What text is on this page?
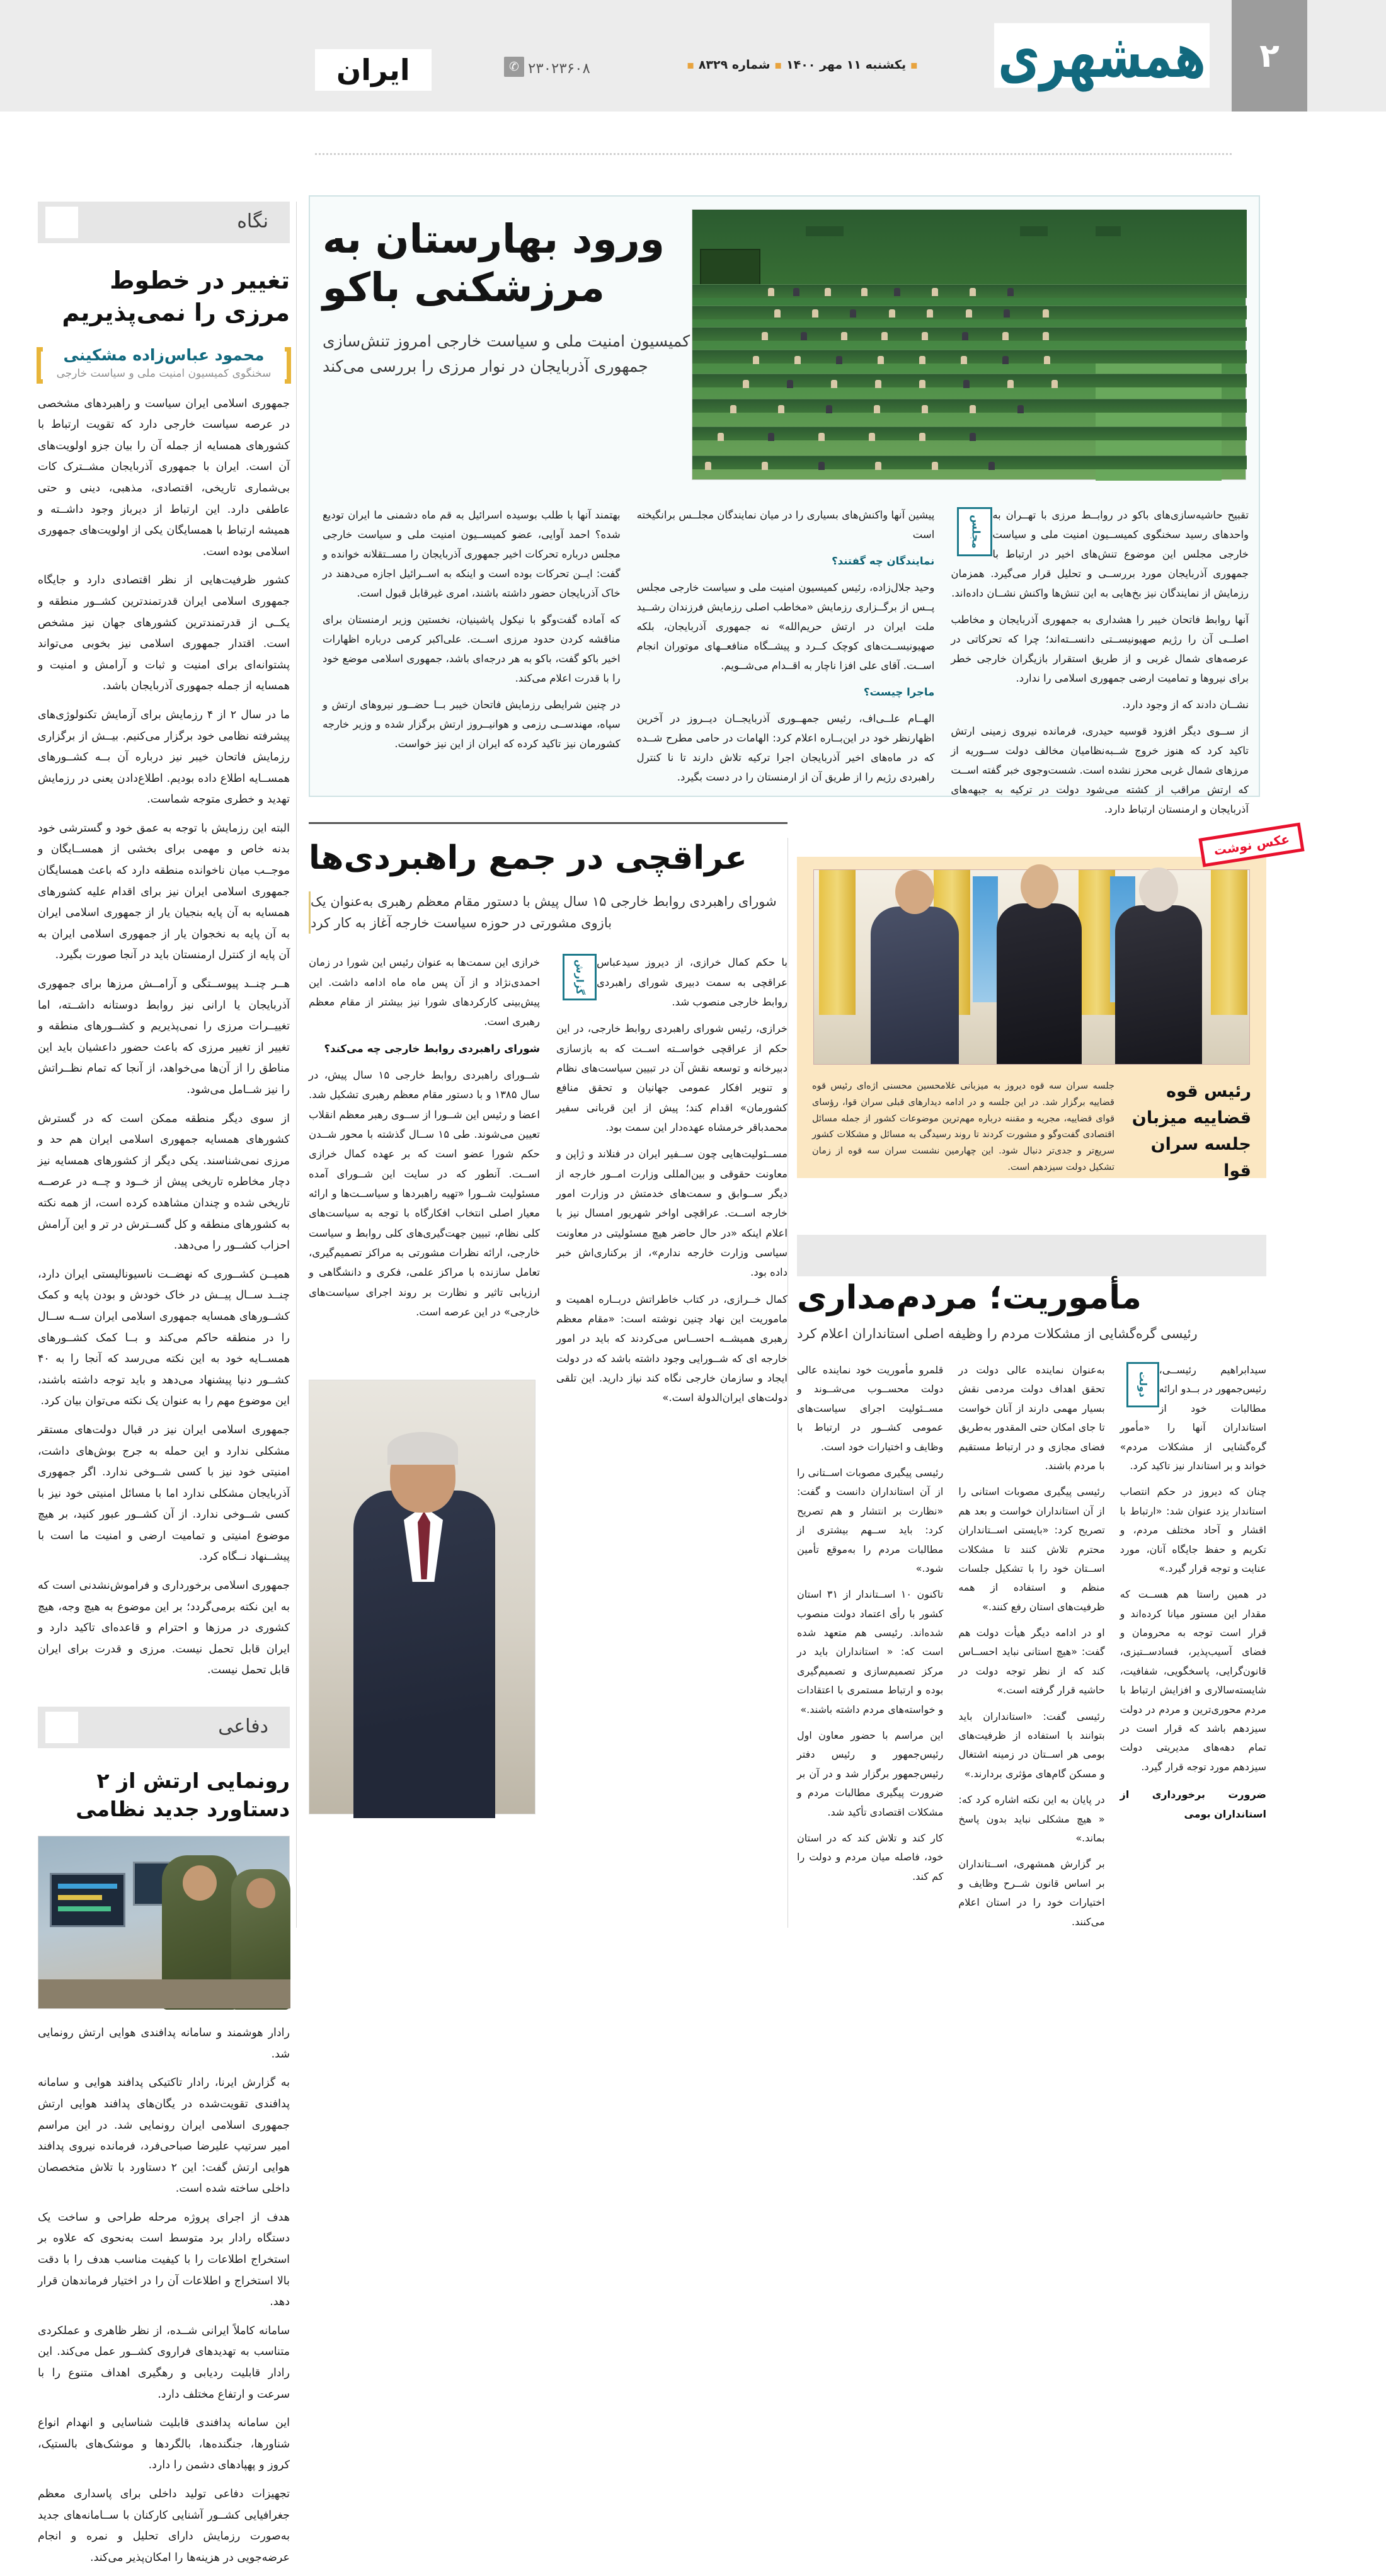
۲
همشهری
▪ یکشنبه ۱۱ مهر ۱۴۰۰ ▪ شماره ۸۳۲۹ ▪
ایران	۲۳۰۲۳۶۰۸
✆
نگاه
تغییر در خطوط مرزی را نمی‌پذیریم
محمود عباس‌زاده مشکینی
سخنگوی کمیسیون امنیت ملی و سیاست خارجی

جمهوری اسلامی ایران سیاست و راهبردهای مشخصی در عرصه سیاست خارجی دارد که تقویت ارتباط با کشورهای همسایه از جمله آن را بیان جزو اولویت‌های آن است. ایران با جمهوری آذربایجان مشــترک کات بی‌شماری تاریخی، اقتصادی، مذهبی، دینی و حتی عاطفی دارد. این ارتباط از دیرباز وجود داشــته و همیشه ارتباط با همسایگان یکی از اولویت‌های جمهوری اسلامی بوده است.

کشور ظرفیت‌هایی از نظر اقتصادی دارد و جایگاه جمهوری اسلامی ایران قدرتمندترین کشــور منطقه و یکــی از قدرتمندترین کشورهای جهان نیز مشخص است. اقتدار جمهوری اسلامی نیز بخوبی می‌تواند پشتوانه‌ای برای امنیت و ثبات و آرامش و امنیت و همسایه از جمله جمهوری آذربایجان باشد.

ما در سال ۲ از ۴ رزمایش برای آزمایش تکنولوژی‌های پیشرفته نظامی خود برگزار می‌کنیم. بیــش از برگزاری رزمایش فاتحان خیبر نیز درباره آن بــه کشــورهای همســایه اطلاع داده بودیم. اطلاع‌دادن یعنی در رزمایش تهدید و خطری متوجه شماست.

البته این رزمایش با توجه به عمق خود و گسترشی خود بدنه خاص و مهمی برای بخشی از همســایگان و موجــب میان ناخوانده منطقه دارد که باعث همسایگان جمهوری اسلامی ایران نیز برای اقدام علیه کشورهای همسایه به آن پایه بنجیان یار از جمهوری اسلامی ایران به آن پایه به نخجوان یار از جمهوری اسلامی ایران به آن پایه از کنترل ارمنستان باید در آنجا صورت بگیرد.

هــر چنــد پیوســتگی و آرامــش مرزها برای جمهوری آذربایجان یا ارانی نیز روابط دوستانه داشــته، اما تغییــرات مرزی را نمی‌پذیریم و کشــورهای منطقه و تغییر از تغییر مرزی که باعث حضور داعشیان باید این مناطق را از آن‌ها می‌خواهد، از آنجا که تمام نظــراتش را نیز شــامل می‌شود.

از سوی دیگر منطقه ممکن است که در گسترش کشورهای همسایه جمهوری اسلامی ایران هم حد و مرزی نمی‌شناسند. یکی دیگر از کشورهای همسایه نیز دچار مخاطره تاریخی پیش از خــود و چــه در عرصــه تاریخی شده و چندان مشاهده کرده است، از همه نکته به کشورهای منطقه و کل گســترش در تر و این آرامش احزاب کشــور را می‌دهد.

همیــن کشــوری که نهضــت ناسیونالیستی ایران دارد، چنــد ســال پیــش در خاک خودش و بودن پایه و کمک کشــورهای همسایه جمهوری اسلامی ایران ســه ســال را در منطقه حاکم می‌کند و بــا کمک کشــورهای همســایه خود به این نکته می‌رسد که آنجا را به ۴۰ کشــور دنیا پیشنهاد می‌دهد و باید توجه داشته باشند، این موضوع مهم را به عنوان یک نکته می‌توان بیان کرد.

جمهوری اسلامی ایران نیز در قبال دولت‌های مستقر مشکلی ندارد و این حمله به جرج‌ بوش‌های داشت، امنیتی خود نیز با کسی شــوخی ندارد. اگر جمهوری آذربایجان مشکلی ندارد اما با مسائل امنیتی خود نیز با کسی شــوخی ندارد. از آن کشــور عبور کنید، بر هیچ موضوع امنیتی و تمامیت ارضی و امنیت ما است با پیشــنهاد نــگاه کرد.

جمهوری اسلامی برخورداری و فراموش‌نشدنی است که به این نکته برمی‌گردد؛ بر این موضوع به هیچ وجه، هیچ کشوری در مرزها و احترام و قاعده‌ای تاکید دارد و ایران قابل تحمل نیست. مرزی و قدرت برای ایران قابل تحمل نیست.

دفاعی
رونمایی ارتش از ۲ دستاورد جدید نظامی

رادار هوشمند و سامانه پدافندی هوایی ارتش رونمایی شد.

به گزارش ایرنا، رادار تاکتیکی پدافند هوایی و سامانه پدافندی تقویت‌شده در یگان‌های پدافند هوایی ارتش جمهوری اسلامی ایران رونمایی شد. در این مراسم امیر سرتیپ علیرضا صباحی‌فرد، فرمانده نیروی پدافند هوایی ارتش گفت: این ۲ دستاورد با تلاش متخصصان داخلی ساخته شده است.

هدف از اجرای پروژه مرحله طراحی و ساخت یک دستگاه رادار برد متوسط است به‌نحوی که علاوه بر استخراج اطلاعات را با کیفیت مناسب هدف را با دقت بالا استخراج و اطلاعات آن را در اختیار فرماندهان قرار دهد.

سامانه کاملاً ایرانی شــده، از نظر ظاهری و عملکردی متناسب به تهدیدهای فراروی کشــور عمل می‌کند. این رادار قابلیت ردیابی و رهگیری اهداف متنوع را با سرعت و ارتفاع مختلف دارد.

این سامانه پدافندی قابلیت شناسایی و انهدام انواع شناورها، جنگنده‌ها، بالگردها و موشک‌های بالستیک، کروز و پهپادهای دشمن را دارد.

تجهیزات دفاعی تولید داخلی برای پاسداری معظم جغرافیایی کشــور آشنایی کارکنان با ســامانه‌های جدید به‌صورت رزمایش دارای تحلیل و نمره و انجام عرضه‌جویی در هزینه‌ها را امکان‌پذیر می‌کند.

ورود بهارستان به مرزشکنی باکو
کمیسیون امنیت ملی و سیاست خارجی امروز تنش‌سازی جمهوری آذربایجان در نوار مرزی را بررسی می‌کند
مجلس	تقبیح حاشیه‌سازی‌های باکو در روابــط مرزی با تهــران به واحدهای رسید سخنگوی کمیســیون امنیت ملی و سیاست خارجی مجلس این موضوع تنش‌های اخیر در ارتباط با جمهوری آذربایجان مورد بررســی و تحلیل قرار می‌گیرد. همزمان رزمایش از نمایندگان نیز بخ‌هایی به این تنش‌ها واکنش نشــان داده‌اند.

آنها روابط فاتحان خیبر را هشداری به جمهوری آذربایجان و مخاطب اصلــی آن را رژیم صهیونیســتی دانســته‌اند؛ چرا که تحرکاتی در عرصه‌های شمال غربی و از طریق استقرار بازیگران خارجی خطر برای نیروها و تمامیت ارضی جمهوری اسلامی را ندارد.

نشــان دادند که از وجود دارد.

از ســوی دیگر افزود قوسیه حیدری، فرمانده نیروی زمینی ارتش تاکید کرد که هنوز خروج شــبه‌نظامیان مخالف دولت ســوریه از مرزهای شمال غربی محرز نشده است. شست‌وجوی خبر گفته اســت که ارتش مراقب از کشته می‌شود دولت در ترکیه به جبهه‌های آذربایجان و ارمنستان ارتباط دارد.

پیشین آنها واکنش‌های بسیاری را در میان نمایندگان مجلــس برانگیخته است

نمایندگان چه گفتند؟

وحید جلال‌زاده، رئیس کمیسیون امنیت ملی و سیاست خارجی مجلس پــس از برگــزاری رزمایش «مخاطب اصلی رزمایش فرزندان رشــید ملت ایران در ارتش حریم‌الله» نه جمهوری آذربایجان، بلکه صهیونیســت‌های کوچک کــرد و پیشــگاه منافعــهای موتوران انجام اســت. آقای علی افزا ناچار به اقــدام می‌شــویم.

ماجرا چیست؟

الهــام علــی‌اف، رئیس جمهــوری آذربایجــان دیــروز در آخرین اظهارنظر خود در این‌بــاره اعلام کرد: الهامات در حامی مطرح شــده که در ماه‌های اخیر آذربایجان اجرا ترکیه تلاش دارند تا نا کنترل راهبردی رژیم را از طریق آن از ارمنستان را در دست بگیرد.

بهتمند آنها با طلب بوسیده اسرائیل به قم ماه دشمنی ما ایران تودیع‌ شده؟ احمد آوایی، عضو کمیســیون امنیت ملی و سیاست خارجی مجلس درباره تحرکات اخیر جمهوری آذربایجان را مســتقلانه خوانده و گفت: ایــن تحرکات بوده است و اینکه به اســرائیل اجازه می‌دهند در خاک آذربایجان حضور داشته باشند، امری غیرقابل قبول است.

که آماده گفت‌وگو با نیکول پاشینیان، نخستین وزیر ارمنستان برای مناقشه کردن حدود مرزی اســت. علی‌اکبر کرمی درباره اظهارات اخیر باکو گفت، باکو به هر درجه‌ای باشد، جمهوری اسلامی موضع خود را با قدرت اعلام می‌کند.

در چنین شرایطی رزمایش فاتحان خیبر بــا حضــور نیروهای ارتش و سپاه، مهندســی رزمی و هوانیــروز ارتش برگزار شده و وزیر خارجه کشورمان نیز تاکید کرده که ایران از این نیز خواست.

عراقچی در جمع راهبردی‌ها
شورای راهبردی روابط خارجی ۱۵ سال پیش با دستور مقام معظم رهبری به‌عنوان یک بازوی مشورتی در حوزه سیاست خارجه آغاز به کار کرد
گزارش	با حکم کمال خرازی، از دیروز سیدعباس عراقچی به سمت دبیری شورای راهبردی روابط خارجی منصوب شد.

خرازی، رئیس شورای راهبردی روابط خارجی، در این حکم از عراقچی خواســته اســت که به بازسازی دبیرخانه و توسعه نقش آن در تبیین سیاست‌های نظام و تنویر افکار عمومی جهانیان و تحقق منافع کشورمان» اقدام کند؛ پیش از این قربانی سفیر محمدباقر خرمشاه عهده‌دار این سمت بود.

مســئولیت‌هایی چون ســفیر ایران در فنلاند و ژاپن و معاونت حقوقی و بین‌المللی وزارت امــور خارجه از دیگر ســوابق و سمت‌های خدمتش در وزارت امور خارجه اســت. عراقچی اواخر شهریور امسال نیز با اعلام اینکه «در حال حاضر هیچ مسئولیتی در معاونت سیاسی وزارت خارجه ندارم»، از برکناری‌اش خبر داده بود.

کمال خــرازی، در کتاب خاطراتش دربــاره اهمیت و ماموریت این نهاد چنین نوشته است: «مقام معظم رهبری همیشــه احســاس می‌کردند که باید در امور خارجه ای که شــورایی وجود داشته باشد که در دولت ایجاد و سازمان خارجی نگاه کند نیاز دارید. این تلقی دولت‌های ایران‌الدولة است.»

خرازی این سمت‌ها به عنوان رئیس این شورا در زمان احمدی‌نژاد و از آن پس ماه ماه ادامه داشت. این پیش‌بینی کارکردهای شورا نیز بیشتر از مقام معظم رهبری است.

شورای راهبردی روابط خارجی چه می‌کند؟

شــورای راهبردی روابط خارجی ۱۵ سال پیش، در سال ۱۳۸۵ و با دستور مقام معظم رهبری تشکیل شد. اعضا و رئیس این شــورا از ســوی رهبر معظم انقلاب تعیین می‌شوند. طی ۱۵ ســال گذشته با محور شــدن حکم شورا عضو است که بر عهده کمال خرازی اســت. آنطور که در سایت این شــورای آمده مسئولیت شــورا «تهیه راهبردها و سیاســت‌ها و ارائه معیار اصلی انتخاب افکارگاه با توجه به سیاست‌های کلی نظام، تبیین جهت‌گیری‌های کلی روابط و سیاست خارجی، ارائه نظرات مشورتی به مراکز تصمیم‌گیری، تعامل سازنده با مراکز علمی، فکری و دانشگاهی و ارزیابی تاثیر و نظارت بر روند اجرای سیاست‌های خارجی» در این عرصه است.

رئیس قوه قضاییه میزبان جلسه سران قوا
جلسه سران سه قوه دیروز به میزبانی غلامحسین محسنی اژه‌ای رئیس قوه قضاییه برگزار شد. در این جلسه و در ادامه دیدارهای قبلی سران قوا، رؤسای قوای قضاییه، مجریه و مقننه درباره مهم‌ترین موضوعات کشور از جمله مسائل اقتصادی گفت‌وگو و مشورت کردند تا روند رسیدگی به مسائل و مشکلات کشور سریع‌تر و جدی‌تر دنبال شود. این چهارمین نشست سران سه قوه از زمان تشکیل دولت سیزدهم است.
عکس نوشت
مأموریت؛ مردم‌مداری
رئیسی گره‌گشایی از مشکلات مردم را وظیفه اصلی استانداران اعلام کرد
دولت

سیدابراهیم رئیســی، رئیس‌جمهور در بــدو ارائه مطالبات خود از استانداران آنها را «مأمور گره‌گشایی از مشکلات مردم» خواند و بر استاندار نیز تاکید کرد.

چنان که دیروز در حکم انتصاب استاندار یزد عنوان شد: «ارتباط با اقشار و آحاد مختلف مردم، و تکریم و حفظ جایگاه آنان، مورد عنایت و توجه قرار گیرد.»

در همین راستا هم هســت که مقدار این مستور میانا کرده‌اند و قرار است توجه به محرومان و فضای آسیب‌پذیر، فسادســتیزی، قانون‌گرایی، پاسخگویی، شفافیت، شایسته‌سالاری و افزایش ارتباط با مردم محوری‌ترین و مردم در دولت سیزدهم باشد که قرار است در تمام دهه‌های مدیریتی دولت سیزدهم مورد توجه قرار گیرد.

ضرورت برخورداری از استانداران بومی

به‌عنوان نماینده عالی دولت در تحقق اهداف دولت مردمی نقش بسیار مهمی دارند از آنان خواست تا جای امکان حتی المقدور به‌طریق فضای مجازی و در ارتباط مستقیم با مردم باشند.

رئیسی پیگیری مصوبات استانی را از آن استانداران خواست و بعد هم تصریح کرد: «بایستی اســتانداران محترم تلاش کنند تا مشکلات اســتان خود را با تشکیل جلسات منظم و استفاده از همه ظرفیت‌های استان رفع کنند.»

او در ادامه دیگر هیأت دولت هم گفت: «هیچ استانی نباید احســاس کند که از نظر توجه دولت در حاشیه قرار گرفته است.»

رئیسی گفت: «استانداران باید بتوانند با استفاده از ظرفیت‌های بومی هر اســتان در زمینه اشتغال و مسکن گام‌های مؤثری بردارند.»

در پایان به این نکته اشاره کرد که: « هیچ مشکلی نباید بدون پاسخ بماند.»

بر گزارش همشهری، اســتانداران بر اساس قانون شــرح وظایف و اختیارات خود را در استان اعلام می‌کنند.

قلمرو مأموریت خود نماینده عالی دولت محســوب می‌شــوند و مســئولیت اجرای سیاست‌های عمومی کشــور در ارتباط با وظایف و اختیارات خود است.

رئیسی پیگیری مصوبات اســتانی را از آن استانداران دانست و گفت: «نظارت بر انتشار و هم تصریح کرد: باید ســهم بیشتری از مطالبات مردم را به‌موقع تأمین شود.»

تاکنون ۱۰ اســتاندار از ۳۱ استان کشور با رأی اعتماد دولت منصوب شده‌اند. رئیسی هم متعهد شده است که: « استانداران باید در مرکز تصمیم‌سازی و تصمیم‌گیری بوده و ارتباط مستمری با اعتقادات و خواسته‌های مردم داشته باشند.»

این مراسم با حضور معاون اول رئیس‌جمهور و رئیس دفتر رئیس‌جمهور برگزار شد و در آن بر ضرورت پیگیری مطالبات مردم و مشکلات اقتصادی تأکید شد.

کار کند و تلاش کند که در استان خود، فاصله میان مردم و دولت را کم کند.
